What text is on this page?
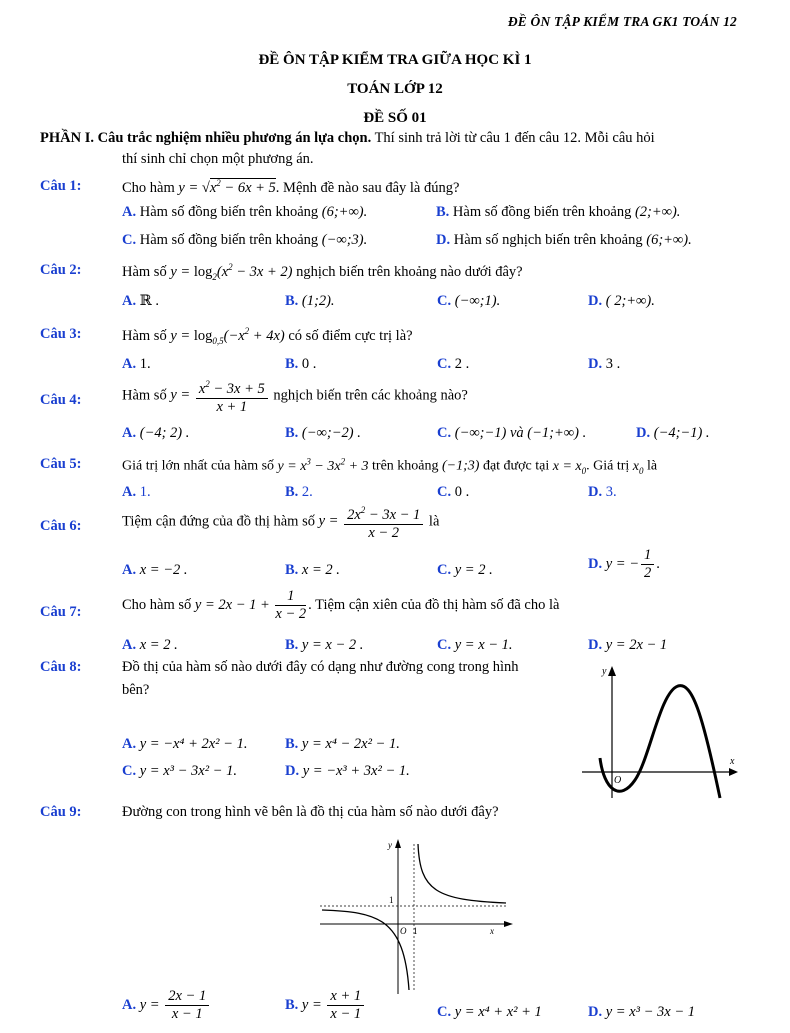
ĐỀ ÔN TẬP KIỂM TRA GK1 TOÁN 12
ĐỀ ÔN TẬP KIỂM TRA GIỮA HỌC KÌ 1
TOÁN LỚP 12
ĐỀ SỐ 01
PHẦN I. Câu trắc nghiệm nhiều phương án lựa chọn. Thí sinh trả lời từ câu 1 đến câu 12. Mỗi câu hỏi
thí sinh chỉ chọn một phương án.
Câu 1:	Cho hàm $y = √x^2 - 6x + 5$. Mệnh đề nào sau đây là đúng?
A. Hàm số đồng biến trên khoảng (6;+∞).	B. Hàm số đồng biến trên khoảng (2;+∞).
C. Hàm số đồng biến trên khoảng (−∞;3).	D. Hàm số nghịch biến trên khoảng (6;+∞).
Câu 2:	Hàm số $y = \log_2(x^2 - 3x + 2)$ nghịch biến trên khoảng nào dưới đây?
A. ℝ .	B. (1;2).	C. (−∞;1).	D. ( 2;+∞).
Câu 3:	Hàm số $y = \log_{0,5}(-x^2 + 4x)$ có số điểm cực trị là?
A. 1.	B. 0 .	C. 2 .	D. 3 .
Câu 4:	Hàm số $y = \frac{x^2 - 3x + 5}{x + 1}$ nghịch biến trên các khoảng nào?
A. (−4; 2) .	B. (−∞;−2) .	C. (−∞;−1) và (−1;+∞) .	D. (−4;−1) .
Câu 5:	Giá trị lớn nhất của hàm số $y = x^3 - 3x^2 + 3$ trên khoảng (−1;3) đạt được tại $x = x_0$. Giá trị $x_0$ là
A. 1.	B. 2.	C. 0 .	D. 3.
Câu 6:	Tiệm cận đứng của đồ thị hàm số $y = \frac{2x^2 - 3x - 1}{x - 2}$ là
A. x = −2 .	B. x = 2 .	C. y = 2 .	D. y = − $\frac{1}{2}$ .
Câu 7:	Cho hàm số $y = 2x - 1 + \frac{1}{x - 2}$ . Tiệm cận xiên của đồ thị hàm số đã cho là
A. x = 2 .	B. y = x − 2 .	C. y = x − 1.	D. y = 2x − 1
Câu 8:	Đồ thị của hàm số nào dưới đây có dạng như đường cong trong hình
bên?
A. y = −x⁴ + 2x² − 1.	B. y = x⁴ − 2x² − 1.
C. y = x³ − 3x² − 1.	D. y = −x³ + 3x² − 1.
x
y
O
Câu 9:	Đường con trong hình vẽ bên là đồ thị của hàm số nào dưới đây?
y
x
1
1
O
A. $y = \frac{2x - 1}{x - 1}$	B. $y = \frac{x + 1}{x - 1}$	C. y = x⁴ + x² + 1	D. y = x³ − 3x − 1
